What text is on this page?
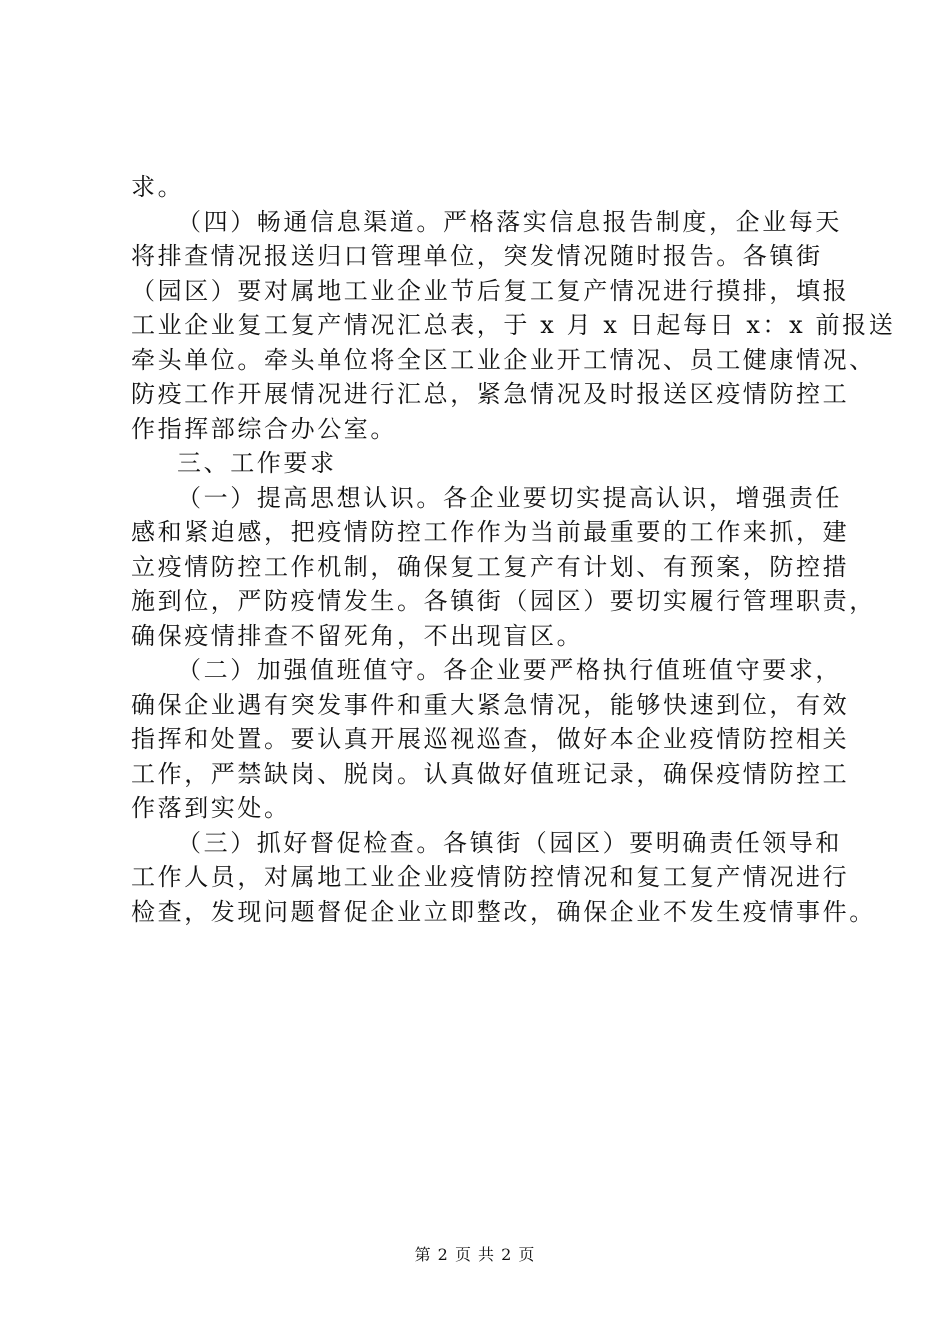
求。
（四）畅通信息渠道。严格落实信息报告制度，企业每天
将排查情况报送归口管理单位，突发情况随时报告。各镇街
（园区）要对属地工业企业节后复工复产情况进行摸排，填报
工业企业复工复产情况汇总表，于 x 月 x 日起每日 x：x 前报送
牵头单位。牵头单位将全区工业企业开工情况、员工健康情况、
防疫工作开展情况进行汇总，紧急情况及时报送区疫情防控工
作指挥部综合办公室。
三、工作要求
（一）提高思想认识。各企业要切实提高认识，增强责任
感和紧迫感，把疫情防控工作作为当前最重要的工作来抓，建
立疫情防控工作机制，确保复工复产有计划、有预案，防控措
施到位，严防疫情发生。各镇街（园区）要切实履行管理职责，
确保疫情排查不留死角，不出现盲区。
（二）加强值班值守。各企业要严格执行值班值守要求，
确保企业遇有突发事件和重大紧急情况，能够快速到位，有效
指挥和处置。要认真开展巡视巡查，做好本企业疫情防控相关
工作，严禁缺岗、脱岗。认真做好值班记录，确保疫情防控工
作落到实处。
（三）抓好督促检查。各镇街（园区）要明确责任领导和
工作人员，对属地工业企业疫情防控情况和复工复产情况进行
检查，发现问题督促企业立即整改，确保企业不发生疫情事件。
第 2 页 共 2 页
